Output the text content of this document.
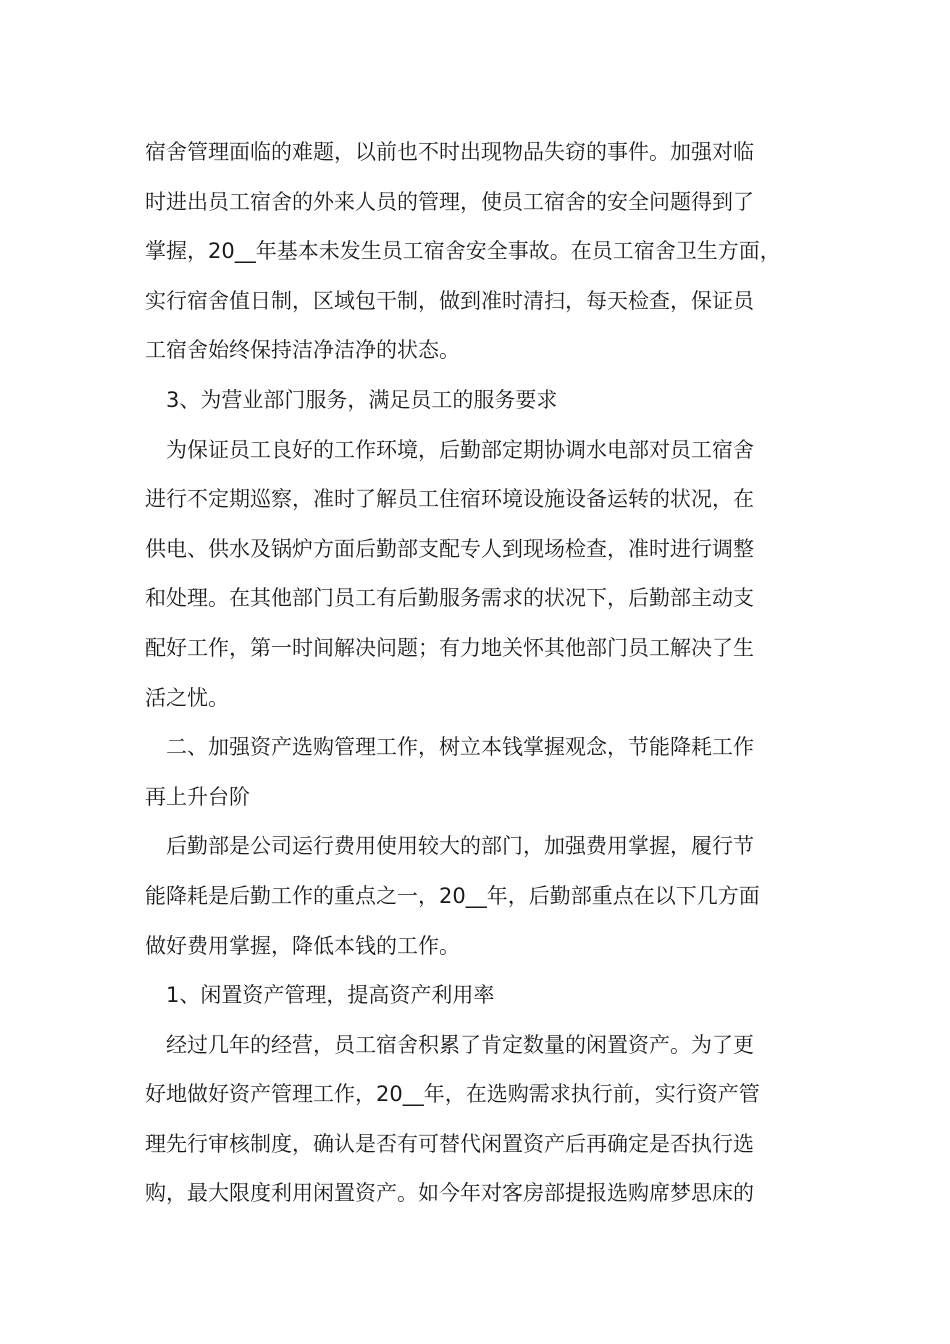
宿舍管理面临的难题，以前也不时出现物品失窃的事件。加强对临
时进出员工宿舍的外来人员的管理，使员工宿舍的安全问题得到了
掌握，20__年基本未发生员工宿舍安全事故。在员工宿舍卫生方面，
实行宿舍值日制，区域包干制，做到准时清扫，每天检查，保证员
工宿舍始终保持洁净洁净的状态。
3、为营业部门服务，满足员工的服务要求
为保证员工良好的工作环境，后勤部定期协调水电部对员工宿舍
进行不定期巡察，准时了解员工住宿环境设施设备运转的状况，在
供电、供水及锅炉方面后勤部支配专人到现场检查，准时进行调整
和处理。在其他部门员工有后勤服务需求的状况下，后勤部主动支
配好工作，第一时间解决问题；有力地关怀其他部门员工解决了生
活之忧。
二、加强资产选购管理工作，树立本钱掌握观念，节能降耗工作
再上升台阶
后勤部是公司运行费用使用较大的部门，加强费用掌握，履行节
能降耗是后勤工作的重点之一，20__年，后勤部重点在以下几方面
做好费用掌握，降低本钱的工作。
1、闲置资产管理，提高资产利用率
经过几年的经营，员工宿舍积累了肯定数量的闲置资产。为了更
好地做好资产管理工作，20__年，在选购需求执行前，实行资产管
理先行审核制度，确认是否有可替代闲置资产后再确定是否执行选
购，最大限度利用闲置资产。如今年对客房部提报选购席梦思床的
